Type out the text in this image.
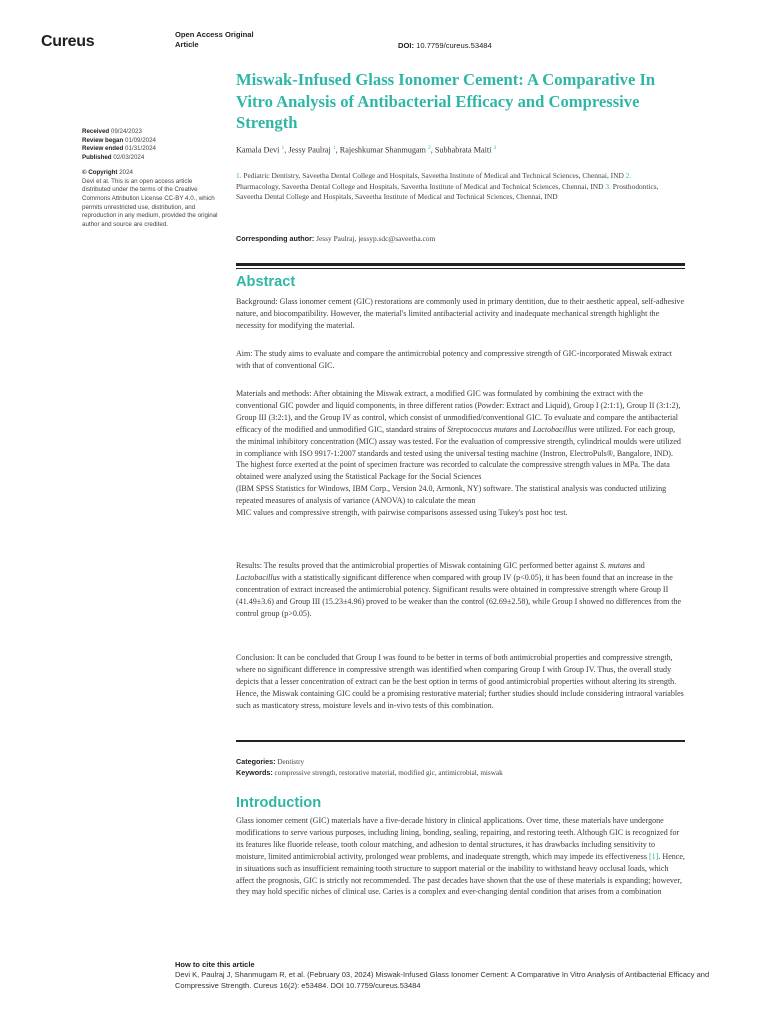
Cureus	Open Access Original
Article	DOI: 10.7759/cureus.53484
Miswak-Infused Glass Ionomer Cement: A Comparative In Vitro Analysis of Antibacterial Efficacy and Compressive Strength
Received 09/24/2023
Review began 01/09/2024
Review ended 01/31/2024
Published 02/03/2024
© Copyright 2024
Devi et al. This is an open access article distributed under the terms of the Creative Commons Attribution License CC-BY 4.0., which permits unrestricted use, distribution, and reproduction in any medium, provided the original author and source are credited.
Kamala Devi $^1$, Jessy Paulraj $^1$, Rajeshkumar Shanmugam $^2$, Subhabrata Maiti $^3$
1. Pediatric Dentistry, Saveetha Dental College and Hospitals, Saveetha Institute of Medical and Technical Sciences, Chennai, IND 2. Pharmacology, Saveetha Dental College and Hospitals, Saveetha Institute of Medical and Technical Sciences, Chennai, IND 3. Prosthodontics, Saveetha Dental College and Hospitals, Saveetha Institute of Medical and Technical Sciences, Chennai, IND
Corresponding author: Jessy Paulraj, jessyp.sdc@saveetha.com
Abstract

Background: Glass ionomer cement (GIC) restorations are commonly used in primary dentition, due to their aesthetic appeal, self-adhesive nature, and biocompatibility. However, the material's limited antibacterial activity and inadequate mechanical strength highlight the necessity for modifying the material.

Aim: The study aims to evaluate and compare the antimicrobial potency and compressive strength of GIC-incorporated Miswak extract with that of conventional GIC.

Materials and methods: After obtaining the Miswak extract, a modified GIC was formulated by combining the extract with the conventional GIC powder and liquid components, in three different ratios (Powder: Extract and Liquid), Group I (2:1:1), Group II (3:1:2), Group III (3:2:1), and the Group IV as control, which consist of unmodified/conventional GIC. To evaluate and compare the antibacterial efficacy of the modified and unmodified GIC, standard strains of Streptococcus mutans and Lactobacillus were utilized. For each group, the minimal inhibitory concentration (MIC) assay was tested. For the evaluation of compressive strength, cylindrical moulds were utilized in compliance with ISO 9917-1:2007 standards and tested using the universal testing machine (Instron, ElectroPuls®, Bangalore, IND). The highest force exerted at the point of specimen fracture was recorded to calculate the compressive strength values in MPa. The data obtained were analyzed using the Statistical Package for the Social Sciences
(IBM SPSS Statistics for Windows, IBM Corp., Version 24.0, Armonk, NY) software. The statistical analysis was conducted utilizing repeated measures of analysis of variance (ANOVA) to calculate the mean
MIC values and compressive strength, with pairwise comparisons assessed using Tukey's post hoc test.

Results: The results proved that the antimicrobial properties of Miswak containing GIC performed better against S. mutans and Lactobacillus with a statistically significant difference when compared with group IV (p<0.05), it has been found that an increase in the concentration of extract increased the antimicrobial potency. Significant results were obtained in compressive strength where Group II (41.49±3.6) and Group III (15.23±4.96) proved to be weaker than the control (62.69±2.58), while Group I showed no differences from the control group (p>0.05).

Conclusion: It can be concluded that Group I was found to be better in terms of both antimicrobial properties and compressive strength, where no significant difference in compressive strength was identified when comparing Group I with Group IV. Thus, the overall study depicts that a lesser concentration of extract can be the best option in terms of good antimicrobial properties without altering its strength. Hence, the Miswak containing GIC could be a promising restorative material; further studies should include considering intraoral variables such as masticatory stress, moisture levels and in-vivo tests of this combination.

Categories: Dentistry
Keywords: compressive strength, restorative material, modified gic, antimicrobial, miswak
Introduction

Glass ionomer cement (GIC) materials have a five-decade history in clinical applications. Over time, these materials have undergone modifications to serve various purposes, including lining, bonding, sealing, repairing, and restoring teeth. Although GIC is recognized for its features like fluoride release, tooth colour matching, and adhesion to dental structures, it has drawbacks including sensitivity to moisture, limited antimicrobial activity, prolonged wear problems, and inadequate strength, which may impede its effectiveness [1]. Hence, in situations such as insufficient remaining tooth structure to support material or the inability to withstand heavy occlusal loads, which affect the prognosis, GIC is strictly not recommended. The past decades have shown that the use of these materials is expanding; however, they may hold specific niches of clinical use. Caries is a complex and ever-changing dental condition that arises from a combination

How to cite this article
Devi K, Paulraj J, Shanmugam R, et al. (February 03, 2024) Miswak-Infused Glass Ionomer Cement: A Comparative In Vitro Analysis of Antibacterial Efficacy and Compressive Strength. Cureus 16(2): e53484. DOI 10.7759/cureus.53484
